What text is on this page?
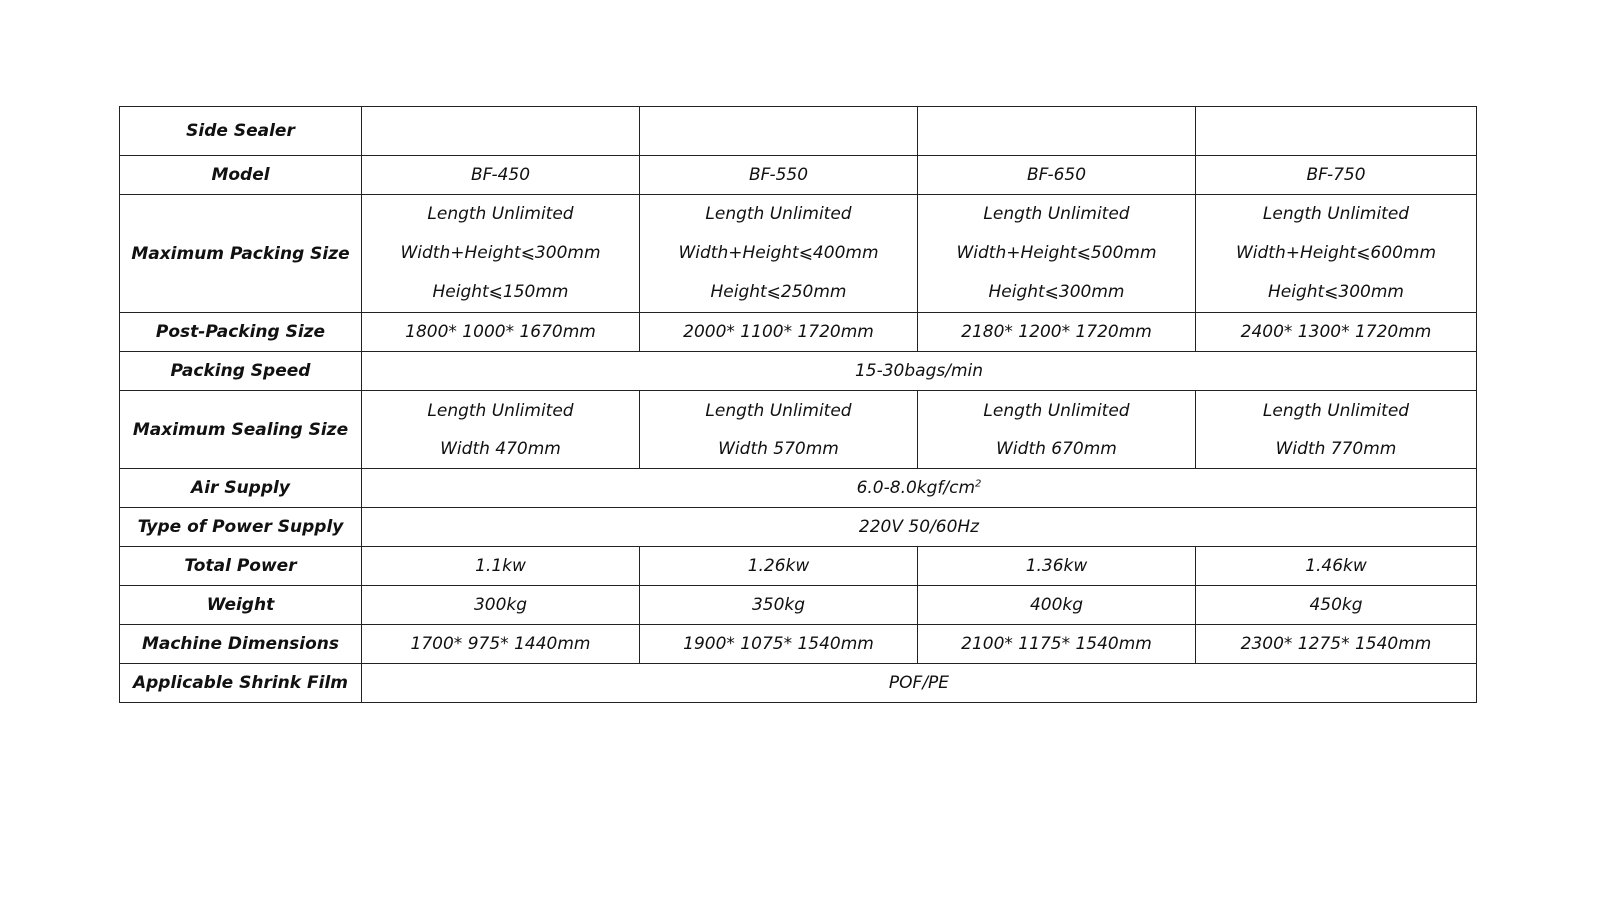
Side Sealer				
Model	BF-450	BF-550	BF-650	BF-750
Maximum Packing Size	Length Unlimited
Width+Height⩽300mm
Height⩽150mm	Length Unlimited
Width+Height⩽400mm
Height⩽250mm	Length Unlimited
Width+Height⩽500mm
Height⩽300mm	Length Unlimited
Width+Height⩽600mm
Height⩽300mm

Post-Packing Size	1800* 1000* 1670mm	2000* 1100* 1720mm	2180* 1200* 1720mm	2400* 1300* 1720mm
Packing Speed	15-30bags/min			
Maximum Sealing Size	Length Unlimited
Width 470mm	Length Unlimited
Width 570mm	Length Unlimited
Width 670mm	Length Unlimited
Width 770mm

Air Supply	$6.0-8.0kgf/cm^2$
Type of Power Supply	220V 50/60Hz			
Total Power	1.1kw	1.26kw	1.36kw	1.46kw
Weight	300kg	350kg	400kg	450kg
Machine Dimensions	1700* 975* 1440mm	1900* 1075* 1540mm	2100* 1175* 1540mm	2300* 1275* 1540mm
Applicable Shrink Film	POF/PE			
